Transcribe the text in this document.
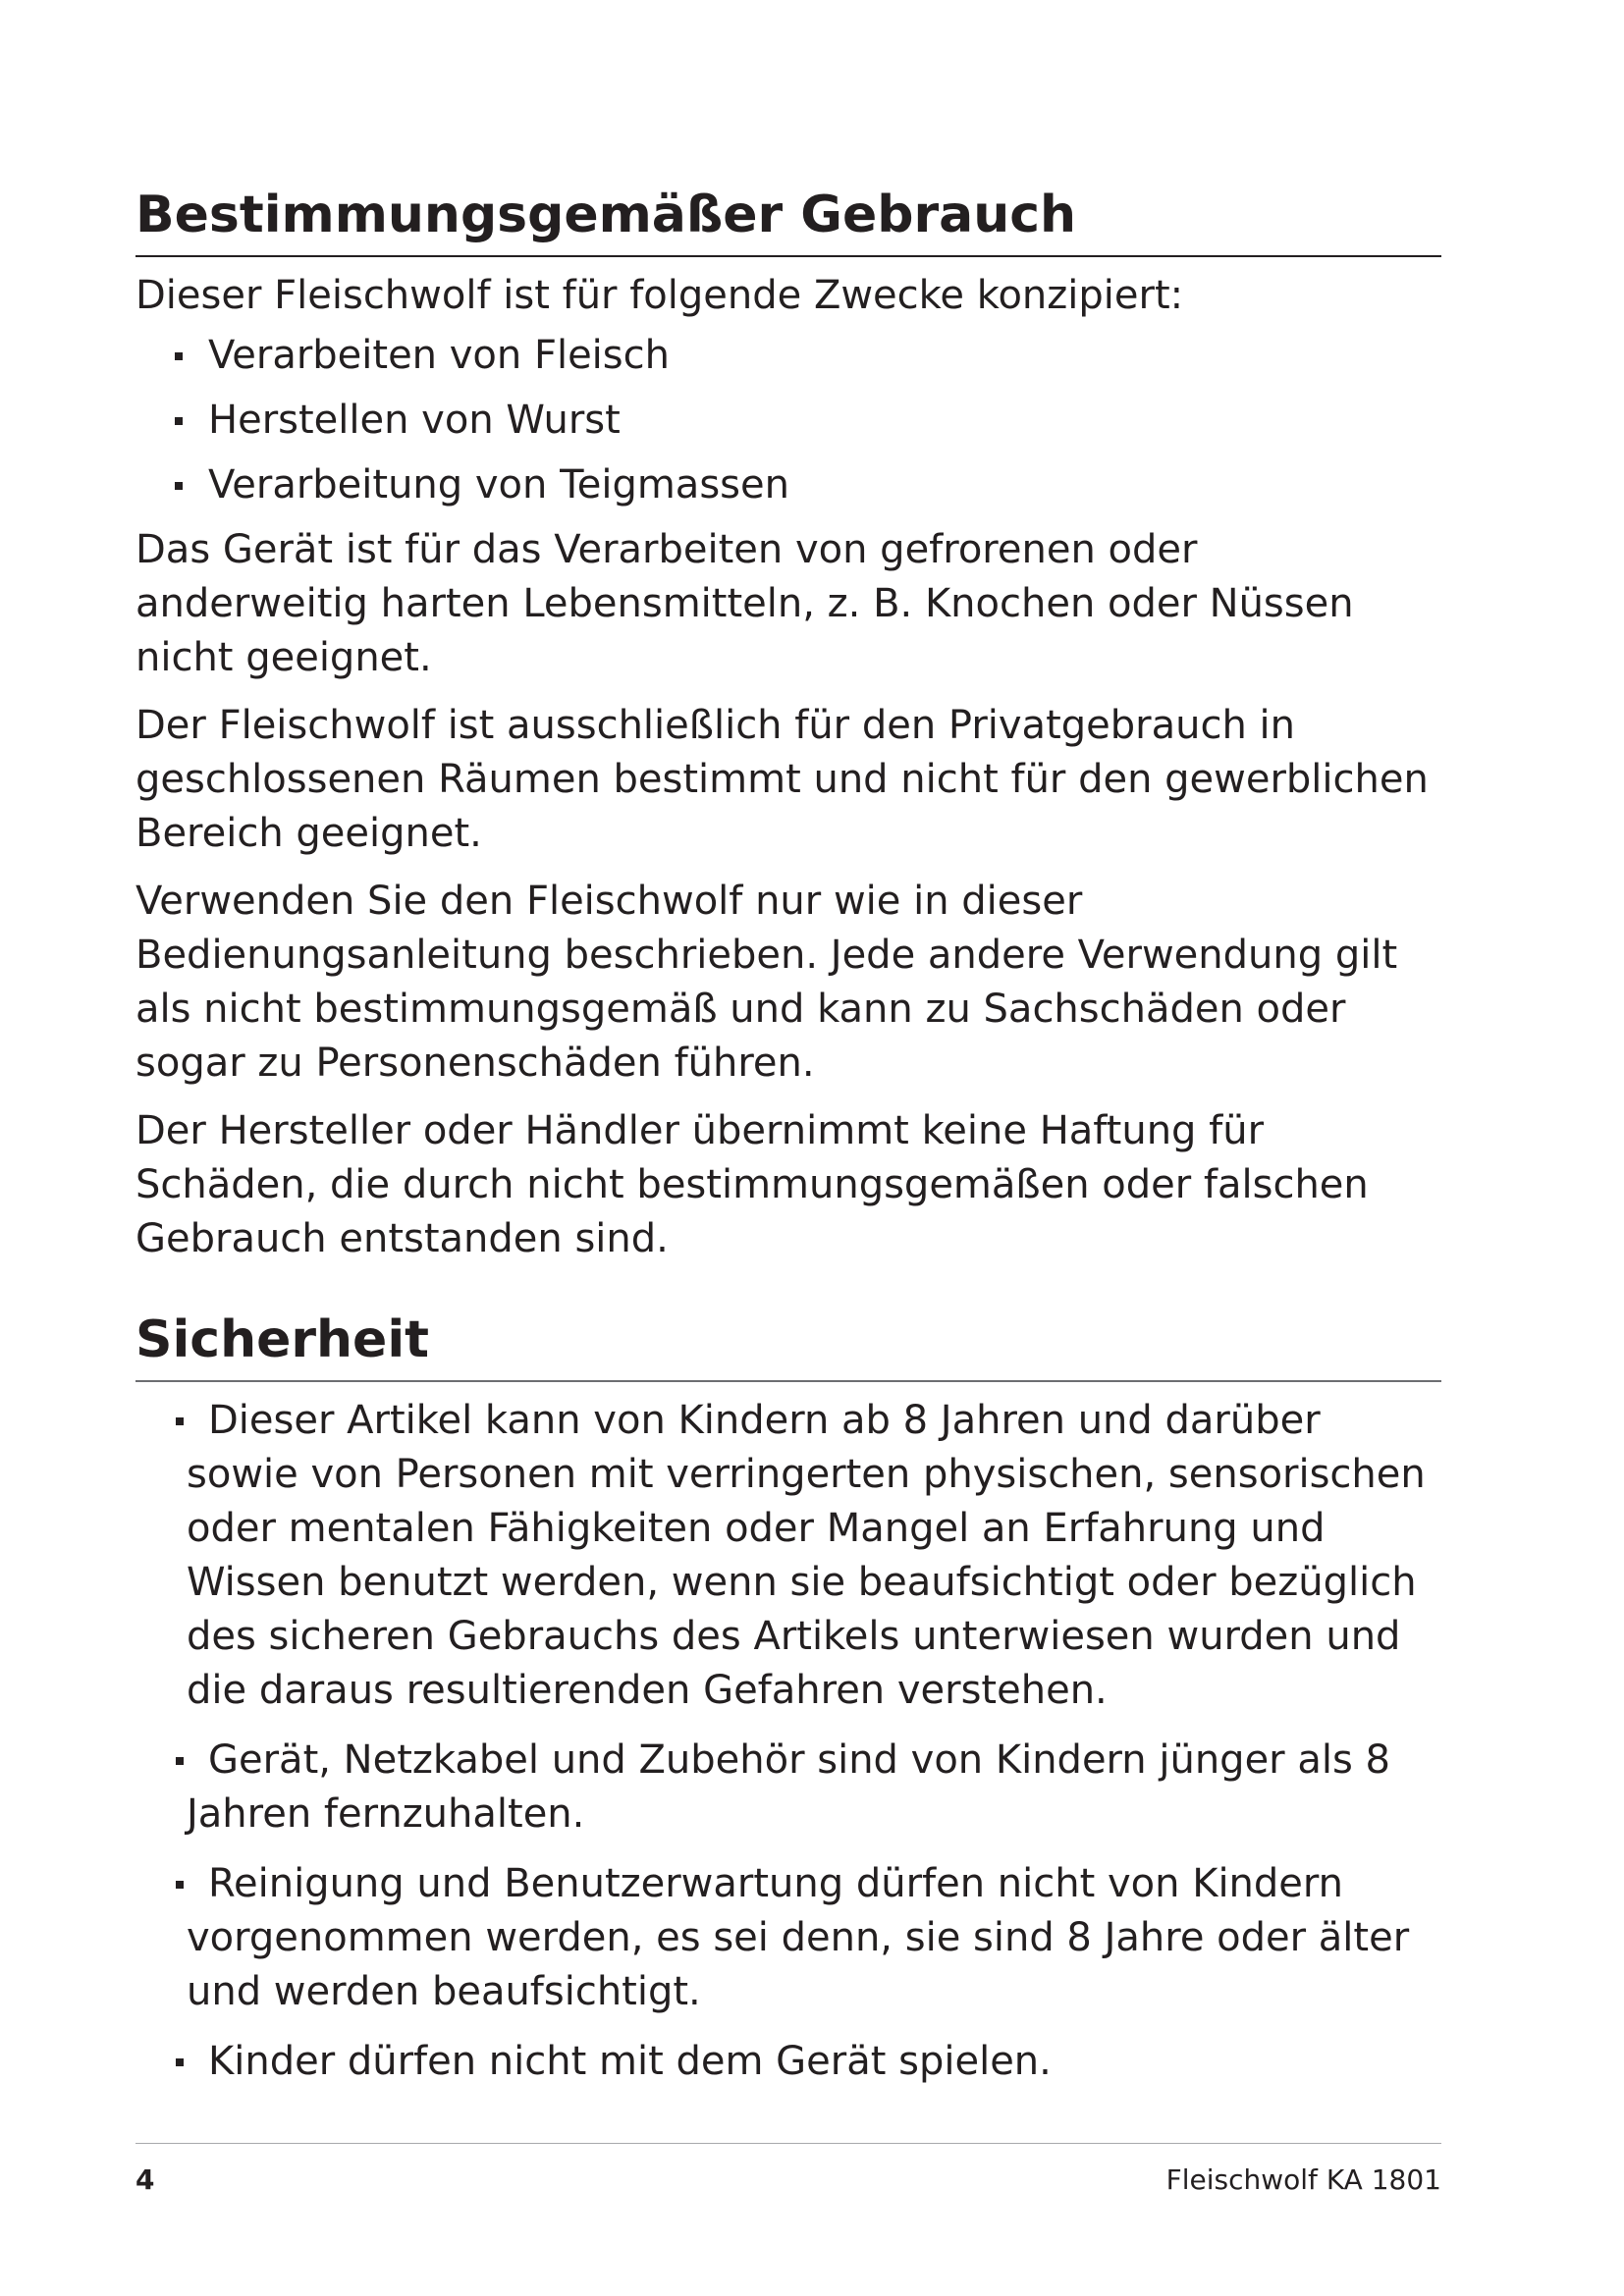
Bestimmungsgemäßer Gebrauch

Dieser Fleischwolf ist für folgende Zwecke konzipiert:

Verarbeiten von Fleisch
Herstellen von Wurst
Verarbeitung von Teigmassen

Das Gerät ist für das Verarbeiten von gefrorenen oder anderweitig harten Lebensmitteln, z. B. Knochen oder Nüssen nicht geeignet.

Der Fleischwolf ist ausschließlich für den Privatgebrauch in geschlossenen Räumen bestimmt und nicht für den gewerblichen Bereich geeignet.

Verwenden Sie den Fleischwolf nur wie in dieser Bedienungsanleitung beschrieben. Jede andere Verwendung gilt als nicht bestimmungsgemäß und kann zu Sachschäden oder sogar zu Personenschäden führen.

Der Hersteller oder Händler übernimmt keine Haftung für Schäden, die durch nicht bestimmungsgemäßen oder falschen Gebrauch entstanden sind.

Sicherheit
Dieser Artikel kann von Kindern ab 8 Jahren und darüber sowie von Personen mit verringerten physischen, sensorischen oder mentalen Fähigkeiten oder Mangel an Erfahrung und Wissen benutzt werden, wenn sie beaufsichtigt oder bezüglich des sicheren Gebrauchs des Artikels unterwiesen wurden und die daraus resultierenden Gefahren verstehen.
Gerät, Netzkabel und Zubehör sind von Kindern jünger als 8 Jahren fernzuhalten.
Reinigung und Benutzerwartung dürfen nicht von Kindern vorgenommen werden, es sei denn, sie sind 8 Jahre oder älter und werden beaufsichtigt.
Kinder dürfen nicht mit dem Gerät spielen.
4	Fleischwolf KA 1801
